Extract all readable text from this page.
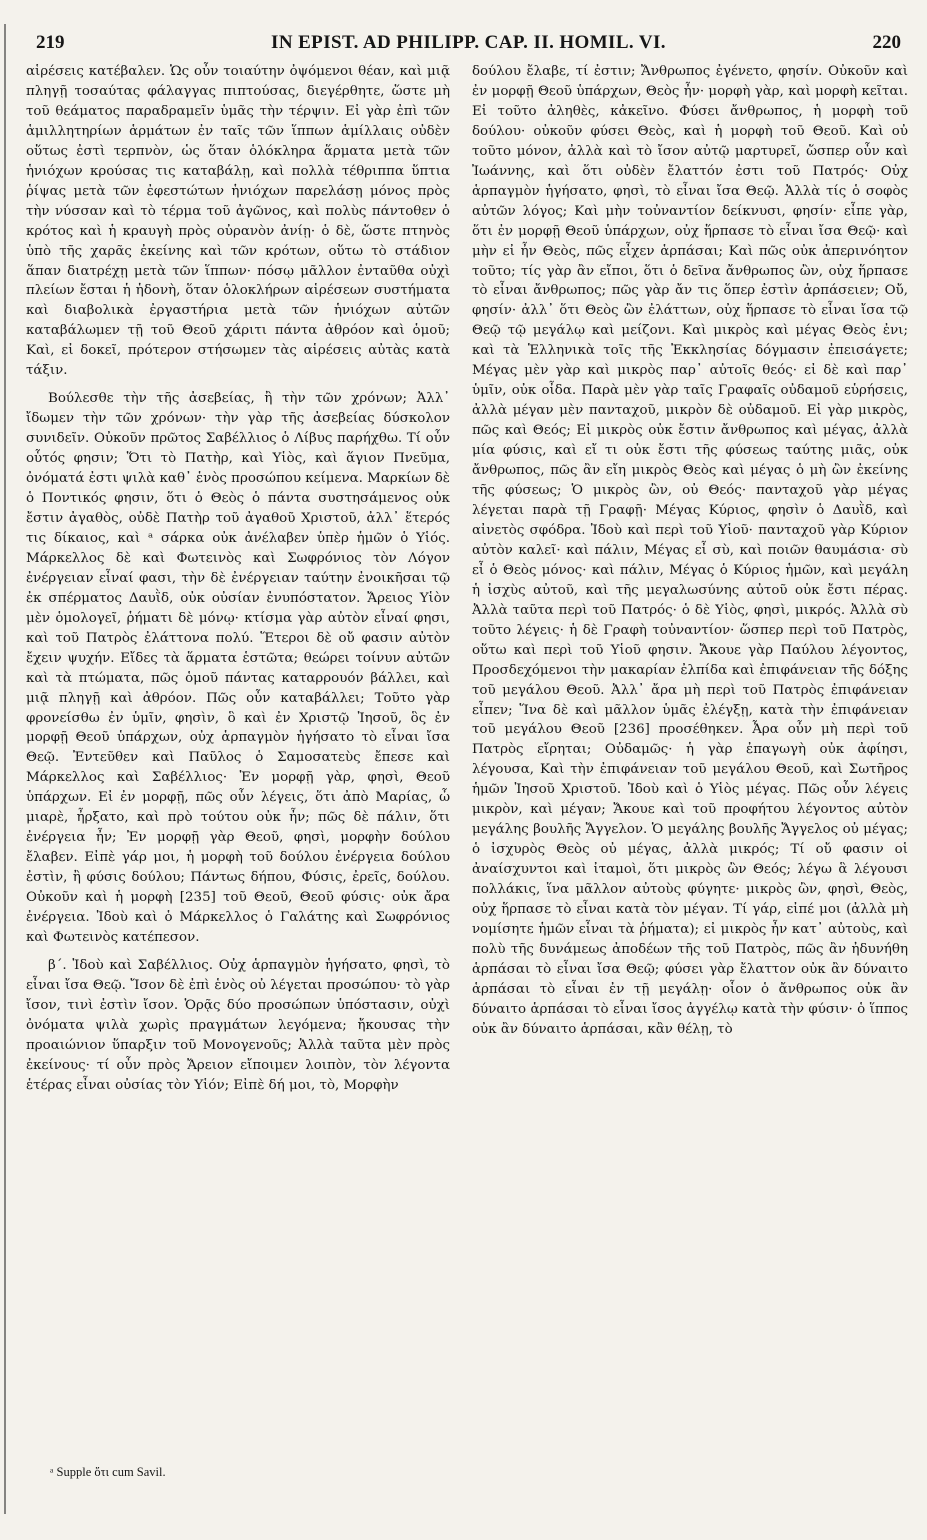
219	IN EPIST. AD PHILIPP. CAP. II. HOMIL. VI.	220

αἱρέσεις κατέβαλεν. Ὡς οὖν τοιαύτην ὀψόμενοι θέαν, καὶ μιᾷ πληγῇ τοσαύτας φάλαγγας πιπτούσας, διεγέρθητε, ὥστε μὴ τοῦ θεάματος παραδραμεῖν ὑμᾶς τὴν τέρψιν. Εἰ γὰρ ἐπὶ τῶν ἁμιλλητηρίων ἁρμάτων ἐν ταῖς τῶν ἵππων ἁμίλλαις οὐδὲν οὕτως ἐστὶ τερπνὸν, ὡς ὅταν ὁλόκληρα ἅρματα μετὰ τῶν ἡνιόχων κρούσας τις καταβάλῃ, καὶ πολλὰ τέθριππα ὕπτια ῥίψας μετὰ τῶν ἐφεστώτων ἡνιόχων παρελάσῃ μόνος πρὸς τὴν νύσσαν καὶ τὸ τέρμα τοῦ ἀγῶνος, καὶ πολὺς πάντοθεν ὁ κρότος καὶ ἡ κραυγὴ πρὸς οὐρανὸν ἀνίῃ· ὁ δὲ, ὥστε πτηνὸς ὑπὸ τῆς χαρᾶς ἐκείνης καὶ τῶν κρότων, οὕτω τὸ στάδιον ἅπαν διατρέχῃ μετὰ τῶν ἵππων· πόσῳ μᾶλλον ἐνταῦθα οὐχὶ πλείων ἔσται ἡ ἡδονὴ, ὅταν ὁλοκλήρων αἱρέσεων συστήματα καὶ διαβολικὰ ἐργαστήρια μετὰ τῶν ἡνιόχων αὐτῶν καταβάλωμεν τῇ τοῦ Θεοῦ χάριτι πάντα ἀθρόον καὶ ὁμοῦ; Καὶ, εἰ δοκεῖ, πρότερον στήσωμεν τὰς αἱρέσεις αὐτὰς κατὰ τάξιν.

Βούλεσθε τὴν τῆς ἀσεβείας, ἢ τὴν τῶν χρόνων; Ἀλλ᾽ ἴδωμεν τὴν τῶν χρόνων· τὴν γὰρ τῆς ἀσεβείας δύσκολον συνιδεῖν. Οὐκοῦν πρῶτος Σαβέλλιος ὁ Λίβυς παρήχθω. Τί οὖν οὗτός φησιν; Ὅτι τὸ Πατὴρ, καὶ Υἱὸς, καὶ ἅγιον Πνεῦμα, ὀνόματά ἐστι ψιλὰ καθ᾽ ἑνὸς προσώπου κείμενα. Μαρκίων δὲ ὁ Ποντικός φησιν, ὅτι ὁ Θεὸς ὁ πάντα συστησάμενος οὐκ ἔστιν ἀγαθὸς, οὐδὲ Πατὴρ τοῦ ἀγαθοῦ Χριστοῦ, ἀλλ᾽ ἕτερός τις δίκαιος, καὶ ᵃ σάρκα οὐκ ἀνέλαβεν ὑπὲρ ἡμῶν ὁ Υἱός. Μάρκελλος δὲ καὶ Φωτεινὸς καὶ Σωφρόνιος τὸν Λόγον ἐνέργειαν εἶναί φασι, τὴν δὲ ἐνέργειαν ταύτην ἐνοικῆσαι τῷ ἐκ σπέρματος Δαυῒδ, οὐκ οὐσίαν ἐνυπόστατον. Ἄρειος Υἱὸν μὲν ὁμολογεῖ, ῥήματι δὲ μόνῳ· κτίσμα γὰρ αὐτὸν εἶναί φησι, καὶ τοῦ Πατρὸς ἐλάττονα πολύ. Ἕτεροι δὲ οὔ φασιν αὐτὸν ἔχειν ψυχήν. Εἴδες τὰ ἅρματα ἑστῶτα; θεώρει τοίνυν αὐτῶν καὶ τὰ πτώματα, πῶς ὁμοῦ πάντας καταρρουόν βάλλει, καὶ μιᾷ πληγῇ καὶ ἀθρόον. Πῶς οὖν καταβάλλει; Τοῦτο γὰρ φρονείσθω ἐν ὑμῖν, φησὶν, ὃ καὶ ἐν Χριστῷ Ἰησοῦ, ὃς ἐν μορφῇ Θεοῦ ὑπάρχων, οὐχ ἁρπαγμὸν ἡγήσατο τὸ εἶναι ἴσα Θεῷ. Ἐντεῦθεν καὶ Παῦλος ὁ Σαμοσατεὺς ἔπεσε καὶ Μάρκελλος καὶ Σαβέλλιος· Ἐν μορφῇ γὰρ, φησὶ, Θεοῦ ὑπάρχων. Εἰ ἐν μορφῇ, πῶς οὖν λέγεις, ὅτι ἀπὸ Μαρίας, ὦ μιαρὲ, ἦρξατο, καὶ πρὸ τούτου οὐκ ἦν; πῶς δὲ πάλιν, ὅτι ἐνέργεια ἦν; Ἐν μορφῇ γὰρ Θεοῦ, φησὶ, μορφὴν δούλου ἔλαβεν. Εἰπὲ γάρ μοι, ἡ μορφὴ τοῦ δούλου ἐνέργεια δούλου ἐστὶν, ἢ φύσις δούλου; Πάντως δήπου, Φύσις, ἐρεῖς, δούλου. Οὐκοῦν καὶ ἡ μορφὴ [235] τοῦ Θεοῦ, Θεοῦ φύσις· οὐκ ἄρα ἐνέργεια. Ἰδοὺ καὶ ὁ Μάρκελλος ὁ Γαλάτης καὶ Σωφρόνιος καὶ Φωτεινὸς κατέπεσον.

β΄. Ἰδοὺ καὶ Σαβέλλιος. Οὐχ ἁρπαγμὸν ἡγήσατο, φησὶ, τὸ εἶναι ἴσα Θεῷ. Ἴσον δὲ ἐπὶ ἑνὸς οὐ λέγεται προσώπου· τὸ γὰρ ἴσον, τινὶ ἐστὶν ἴσον. Ὁρᾷς δύο προσώπων ὑπόστασιν, οὐχὶ ὀνόματα ψιλὰ χωρὶς πραγμάτων λεγόμενα; ἤκουσας τὴν προαιώνιον ὕπαρξιν τοῦ Μονογενοῦς; Ἀλλὰ ταῦτα μὲν πρὸς ἐκείνους· τί οὖν πρὸς Ἄρειον εἴποιμεν λοιπὸν, τὸν λέγοντα ἑτέρας εἶναι οὐσίας τὸν Υἱόν; Εἰπὲ δή μοι, τὸ, Μορφὴν

δούλου ἔλαβε, τί ἐστιν; Ἄνθρωπος ἐγένετο, φησίν. Οὐκοῦν καὶ ἐν μορφῇ Θεοῦ ὑπάρχων, Θεὸς ἦν· μορφὴ γὰρ, καὶ μορφὴ κεῖται. Εἰ τοῦτο ἀληθὲς, κἀκεῖνο. Φύσει ἄνθρωπος, ἡ μορφὴ τοῦ δούλου· οὐκοῦν φύσει Θεὸς, καὶ ἡ μορφὴ τοῦ Θεοῦ. Καὶ οὐ τοῦτο μόνον, ἀλλὰ καὶ τὸ ἴσον αὐτῷ μαρτυρεῖ, ὥσπερ οὖν καὶ Ἰωάννης, καὶ ὅτι οὐδὲν ἔλαττόν ἐστι τοῦ Πατρός· Οὐχ ἁρπαγμὸν ἡγήσατο, φησὶ, τὸ εἶναι ἴσα Θεῷ. Ἀλλὰ τίς ὁ σοφὸς αὐτῶν λόγος; Καὶ μὴν τοὐναντίον δείκνυσι, φησίν· εἶπε γὰρ, ὅτι ἐν μορφῇ Θεοῦ ὑπάρχων, οὐχ ἥρπασε τὸ εἶναι ἴσα Θεῷ· καὶ μὴν εἰ ἦν Θεὸς, πῶς εἶχεν ἁρπάσαι; Καὶ πῶς οὐκ ἀπερινόητον τοῦτο; τίς γὰρ ἂν εἴποι, ὅτι ὁ δεῖνα ἄνθρωπος ὢν, οὐχ ἥρπασε τὸ εἶναι ἄνθρωπος; πῶς γὰρ ἄν τις ὅπερ ἐστὶν ἁρπάσειεν; Οὔ, φησίν· ἀλλ᾽ ὅτι Θεὸς ὢν ἐλάττων, οὐχ ἥρπασε τὸ εἶναι ἴσα τῷ Θεῷ τῷ μεγάλῳ καὶ μείζονι. Καὶ μικρὸς καὶ μέγας Θεὸς ἐνι; καὶ τὰ Ἑλληνικὰ τοῖς τῆς Ἐκκλησίας δόγμασιν ἐπεισάγετε; Μέγας μὲν γὰρ καὶ μικρὸς παρ᾽ αὐτοῖς θεός· εἰ δὲ καὶ παρ᾽ ὑμῖν, οὐκ οἶδα. Παρὰ μὲν γὰρ ταῖς Γραφαῖς οὐδαμοῦ εὑρήσεις, ἀλλὰ μέγαν μὲν πανταχοῦ, μικρὸν δὲ οὐδαμοῦ. Εἰ γὰρ μικρὸς, πῶς καὶ Θεός; Εἰ μικρὸς οὐκ ἔστιν ἄνθρωπος καὶ μέγας, ἀλλὰ μία φύσις, καὶ εἴ τι οὐκ ἔστι τῆς φύσεως ταύτης μιᾶς, οὐκ ἄνθρωπος, πῶς ἂν εἴη μικρὸς Θεὸς καὶ μέγας ὁ μὴ ὢν ἐκείνης τῆς φύσεως; Ὁ μικρὸς ὢν, οὐ Θεός· πανταχοῦ γὰρ μέγας λέγεται παρὰ τῇ Γραφῇ· Μέγας Κύριος, φησὶν ὁ Δαυῒδ, καὶ αἰνετὸς σφόδρα. Ἰδοὺ καὶ περὶ τοῦ Υἱοῦ· πανταχοῦ γὰρ Κύριον αὐτὸν καλεῖ· καὶ πάλιν, Μέγας εἶ σὺ, καὶ ποιῶν θαυμάσια· σὺ εἶ ὁ Θεὸς μόνος· καὶ πάλιν, Μέγας ὁ Κύριος ἡμῶν, καὶ μεγάλη ἡ ἰσχὺς αὐτοῦ, καὶ τῆς μεγαλωσύνης αὐτοῦ οὐκ ἔστι πέρας. Ἀλλὰ ταῦτα περὶ τοῦ Πατρός· ὁ δὲ Υἱὸς, φησὶ, μικρός. Ἀλλὰ σὺ τοῦτο λέγεις· ἡ δὲ Γραφὴ τοὐναντίον· ὥσπερ περὶ τοῦ Πατρὸς, οὕτω καὶ περὶ τοῦ Υἱοῦ φησιν. Ἄκουε γὰρ Παύλου λέγοντος, Προσδεχόμενοι τὴν μακαρίαν ἐλπίδα καὶ ἐπιφάνειαν τῆς δόξης τοῦ μεγάλου Θεοῦ. Ἀλλ᾽ ἄρα μὴ περὶ τοῦ Πατρὸς ἐπιφάνειαν εἶπεν; Ἵνα δὲ καὶ μᾶλλον ὑμᾶς ἐλέγξῃ, κατὰ τὴν ἐπιφάνειαν τοῦ μεγάλου Θεοῦ [236] προσέθηκεν. Ἆρα οὖν μὴ περὶ τοῦ Πατρὸς εἴρηται; Οὐδαμῶς· ἡ γὰρ ἐπαγωγὴ οὐκ ἀφίησι, λέγουσα, Καὶ τὴν ἐπιφάνειαν τοῦ μεγάλου Θεοῦ, καὶ Σωτῆρος ἡμῶν Ἰησοῦ Χριστοῦ. Ἰδοὺ καὶ ὁ Υἱὸς μέγας. Πῶς οὖν λέγεις μικρὸν, καὶ μέγαν; Ἄκουε καὶ τοῦ προφήτου λέγοντος αὐτὸν μεγάλης βουλῆς Ἄγγελον. Ὁ μεγάλης βουλῆς Ἄγγελος οὐ μέγας; ὁ ἰσχυρὸς Θεὸς οὐ μέγας, ἀλλὰ μικρός; Τί οὔ φασιν οἱ ἀναίσχυντοι καὶ ἰταμοὶ, ὅτι μικρὸς ὢν Θεός; λέγω ἃ λέγουσι πολλάκις, ἵνα μᾶλλον αὐτοὺς φύγητε· μικρὸς ὢν, φησὶ, Θεὸς, οὐχ ἥρπασε τὸ εἶναι κατὰ τὸν μέγαν. Τί γάρ, εἰπέ μοι (ἀλλὰ μὴ νομίσητε ἡμῶν εἶναι τὰ ῥήματα); εἰ μικρὸς ἦν κατ᾽ αὐτοὺς, καὶ πολὺ τῆς δυνάμεως ἀποδέων τῆς τοῦ Πατρὸς, πῶς ἂν ἠδυνήθη ἁρπάσαι τὸ εἶναι ἴσα Θεῷ; φύσει γὰρ ἔλαττον οὐκ ἂν δύναιτο ἁρπάσαι τὸ εἶναι ἐν τῇ μεγάλῃ· οἷον ὁ ἄνθρωπος οὐκ ἂν δύναιτο ἁρπάσαι τὸ εἶναι ἴσος ἀγγέλῳ κατὰ τὴν φύσιν· ὁ ἵππος οὐκ ἂν δύναιτο ἁρπάσαι, κἂν θέλῃ, τὸ

ᵃ Supple ὅτι cum Savil.
